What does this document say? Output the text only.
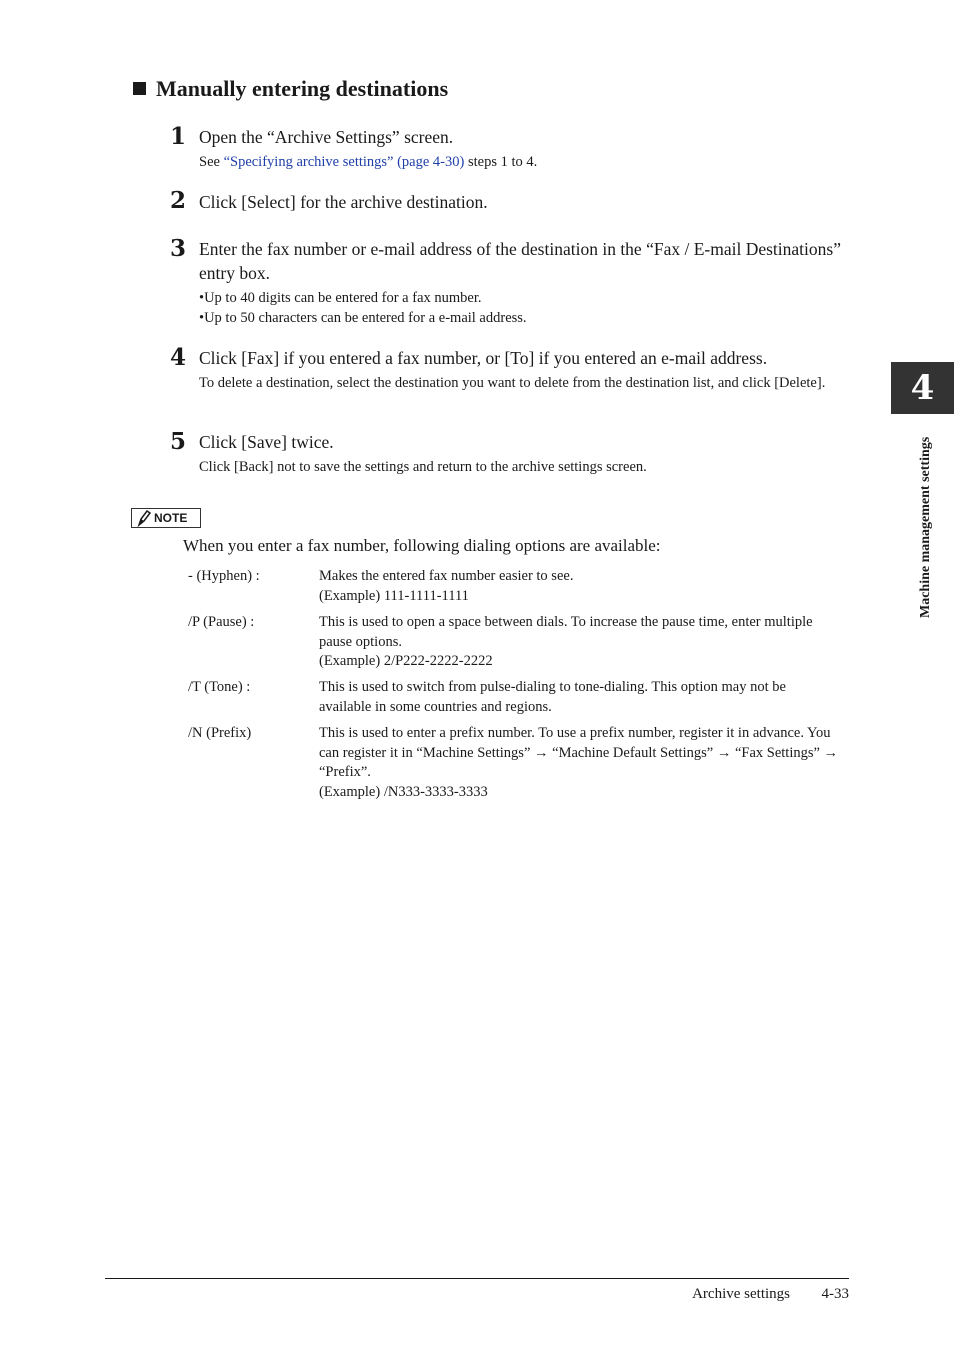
Manually entering destinations
1 Open the “Archive Settings” screen.
See “Specifying archive settings” (page 4-30) steps 1 to 4.
2 Click [Select] for the archive destination.
3 Enter the fax number or e-mail address of the destination in the “Fax / E-mail Destinations” entry box.
•Up to 40 digits can be entered for a fax number.
•Up to 50 characters can be entered for a e-mail address.
4 Click [Fax] if you entered a fax number, or [To] if you entered an e-mail address.
To delete a destination, select the destination you want to delete from the destination list, and click [Delete].
5 Click [Save] twice.
Click [Back] not to save the settings and return to the archive settings screen.
NOTE
When you enter a fax number, following dialing options are available:
- (Hyphen) :	Makes the entered fax number easier to see.
(Example) 111-1111-1111
/P (Pause) :	This is used to open a space between dials. To increase the pause time, enter multiple pause options.
(Example) 2/P222-2222-2222
/T (Tone) :	This is used to switch from pulse-dialing to tone-dialing. This option may not be available in some countries and regions.
/N (Prefix)	This is used to enter a prefix number. To use a prefix number, register it in advance. You can register it in “Machine Settings” → “Machine Default Settings” → “Fax Settings” → “Prefix”.
(Example) /N333-3333-3333
4
Machine management settings
Archive settings	4-33
